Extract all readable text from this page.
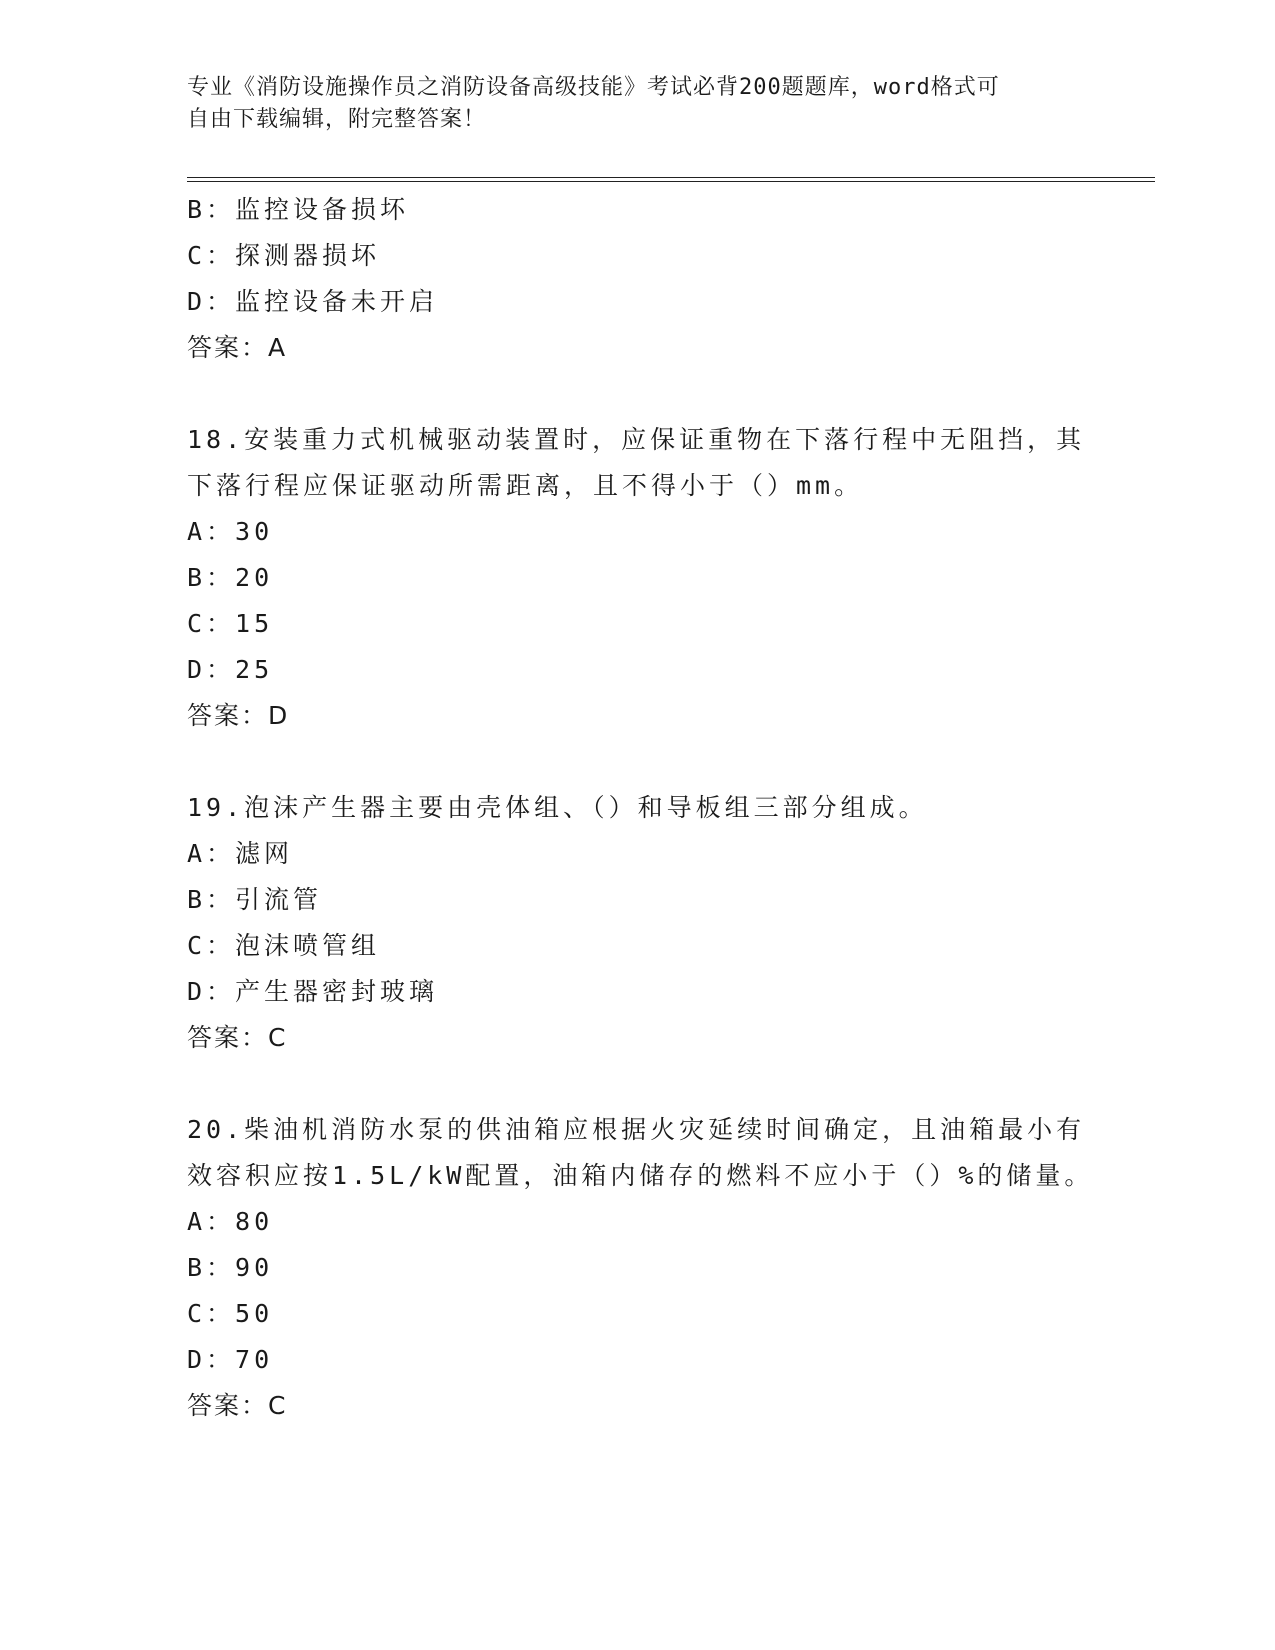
专业《消防设施操作员之消防设备高级技能》考试必背200题题库，word格式可
自由下载编辑，附完整答案！
B：监控设备损坏
C：探测器损坏
D：监控设备未开启
答案：A
18.安装重力式机械驱动装置时，应保证重物在下落行程中无阻挡，其
下落行程应保证驱动所需距离，且不得小于（）mm。
A：30
B：20
C：15
D：25
答案：D
19.泡沫产生器主要由壳体组、（）和导板组三部分组成。
A：滤网
B：引流管
C：泡沫喷管组
D：产生器密封玻璃
答案：C
20.柴油机消防水泵的供油箱应根据火灾延续时间确定，且油箱最小有
效容积应按1.5L/kW配置，油箱内储存的燃料不应小于（）%的储量。
A：80
B：90
C：50
D：70
答案：C
